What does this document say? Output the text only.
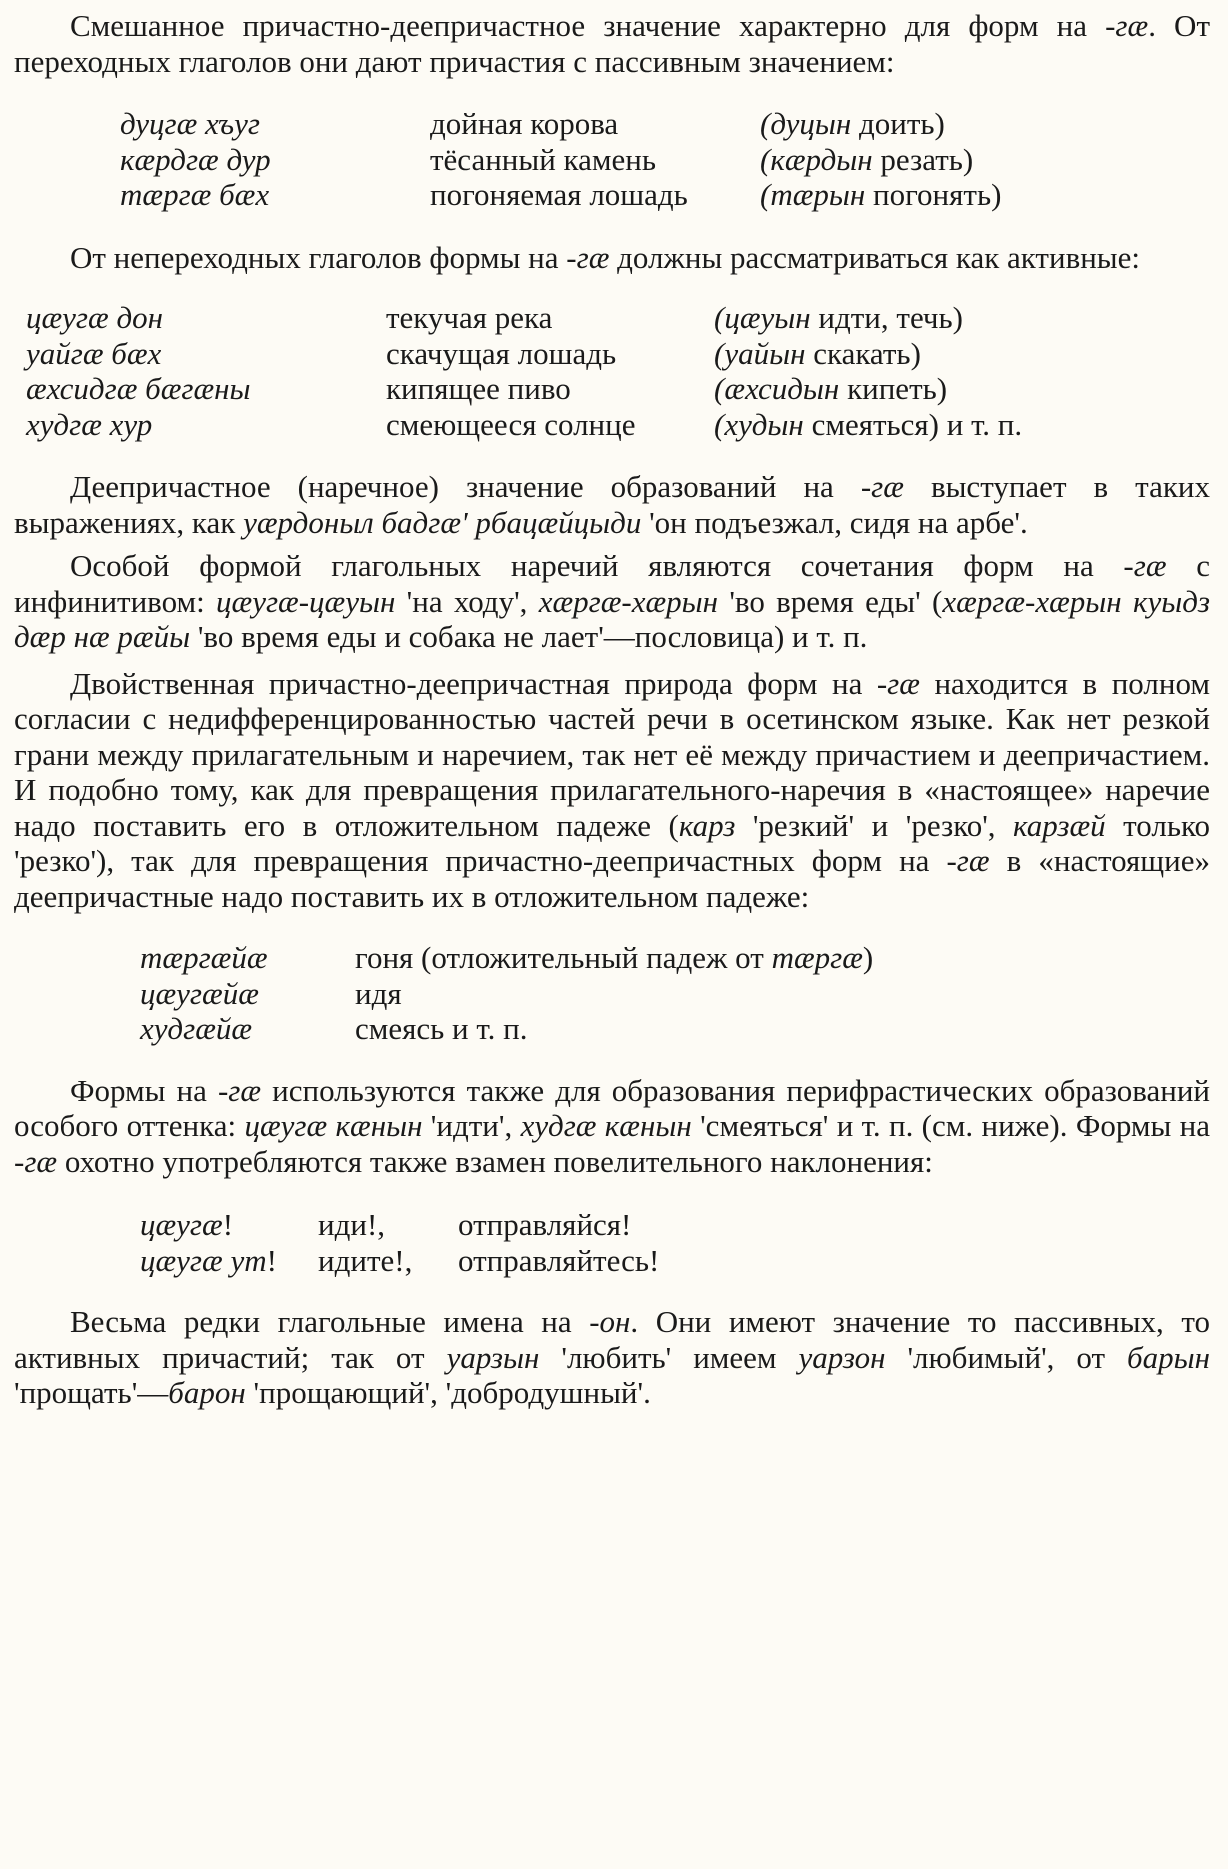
Смешанное причастно-деепричастное значение характерно для форм на -гæ. От переходных глаголов они дают причастия с пассивным значением:

дуцгæ хъуг	дойная корова	(дуцын доить)
кæрдгæ дур	тёсанный камень	(кæрдын резать)
тæргæ бæх	погоняемая лошадь	(тæрын погонять)

От непереходных глаголов формы на -гæ должны рассматриваться как активные:

цæугæ дон	текучая река	(цæуын идти, течь)
уайгæ бæх	скачущая лошадь	(уайын скакать)
æхсидгæ бæгæны	кипящее пиво	(æхсидын кипеть)
худгæ хур	смеющееся солнце	(худын смеяться) и т. п.

Деепричастное (наречное) значение образований на -гæ выступает в таких выражениях, как уæрдоныл бадгæ' рбацæйцыди 'он подъезжал, сидя на арбе'.

Особой формой глагольных наречий являются сочетания форм на -гæ с инфинитивом: цæугæ-цæуын 'на ходу', хæргæ-хæрын 'во время еды' (хæргæ-хæрын куыдз дæр нæ рæйы 'во время еды и собака не лает'—пословица) и т. п.

Двойственная причастно-деепричастная природа форм на -гæ находится в полном согласии с недифференцированностью частей речи в осетинском языке. Как нет резкой грани между прилагательным и наречием, так нет её между причастием и деепричастием. И подобно тому, как для превращения прилагательного-наречия в «настоящее» наречие надо поставить его в отложительном падеже (карз 'резкий' и 'резко', карзæй только 'резко'), так для превращения причастно-деепричастных форм на -гæ в «настоящие» деепричастные надо поставить их в отложительном падеже:

тæргæйæ	гоня (отложительный падеж от тæргæ)
цæугæйæ	идя
худгæйæ	смеясь и т. п.

Формы на -гæ используются также для образования перифрастических образований особого оттенка: цæугæ кæнын 'идти', худгæ кæнын 'смеяться' и т. п. (см. ниже). Формы на -гæ охотно употребляются также взамен повелительного наклонения:

цæугæ!	иди!,	отправляйся!
цæугæ ут!	идите!,	отправляйтесь!

Весьма редки глагольные имена на -он. Они имеют значение то пассивных, то активных причастий; так от уарзын 'любить' имеем уарзон 'любимый', от барын 'прощать'—барон 'прощающий', 'добродушный'.
